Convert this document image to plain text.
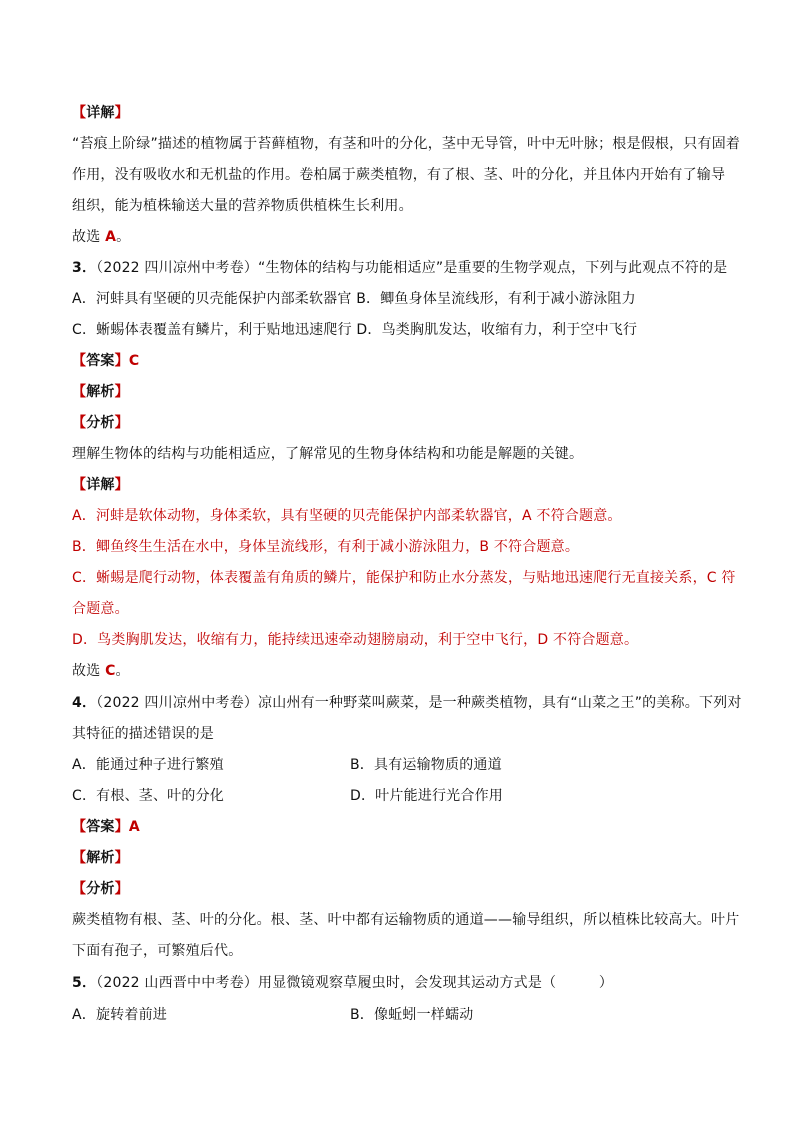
【详解】
“苔痕上阶绿”描述的植物属于苔藓植物，有茎和叶的分化，茎中无导管，叶中无叶脉；根是假根，只有固着
作用，没有吸收水和无机盐的作用。卷柏属于蕨类植物，有了根、茎、叶的分化，并且体内开始有了输导
组织，能为植株输送大量的营养物质供植株生长利用。
故选 A。
3．（2022 四川凉州中考卷）“生物体的结构与功能相适应”是重要的生物学观点，下列与此观点不符的是
A．河蚌具有坚硬的贝壳能保护内部柔软器官 B．鲫鱼身体呈流线形，有利于减小游泳阻力
C．蜥蜴体表覆盖有鳞片，利于贴地迅速爬行 D．鸟类胸肌发达，收缩有力，利于空中飞行
【答案】C
【解析】
【分析】
理解生物体的结构与功能相适应，了解常见的生物身体结构和功能是解题的关键。
【详解】
A．河蚌是软体动物，身体柔软，具有坚硬的贝壳能保护内部柔软器官，A 不符合题意。
B．鲫鱼终生生活在水中，身体呈流线形，有利于减小游泳阻力，B 不符合题意。
C．蜥蜴是爬行动物，体表覆盖有角质的鳞片，能保护和防止水分蒸发，与贴地迅速爬行无直接关系，C 符
合题意。
D．鸟类胸肌发达，收缩有力，能持续迅速牵动翅膀扇动，利于空中飞行，D 不符合题意。
故选 C。
4．（2022 四川凉州中考卷）凉山州有一种野菜叫蕨菜，是一种蕨类植物，具有“山菜之王”的美称。下列对
其特征的描述错误的是
A．能通过种子进行繁殖	B．具有运输物质的通道
C．有根、茎、叶的分化	D．叶片能进行光合作用
【答案】A
【解析】
【分析】
蕨类植物有根、茎、叶的分化。根、茎、叶中都有运输物质的通道——输导组织，所以植株比较高大。叶片
下面有孢子，可繁殖后代。
5．（2022 山西晋中中考卷）用显微镜观察草履虫时，会发现其运动方式是（　　　）
A．旋转着前进	B．像蚯蚓一样蠕动
